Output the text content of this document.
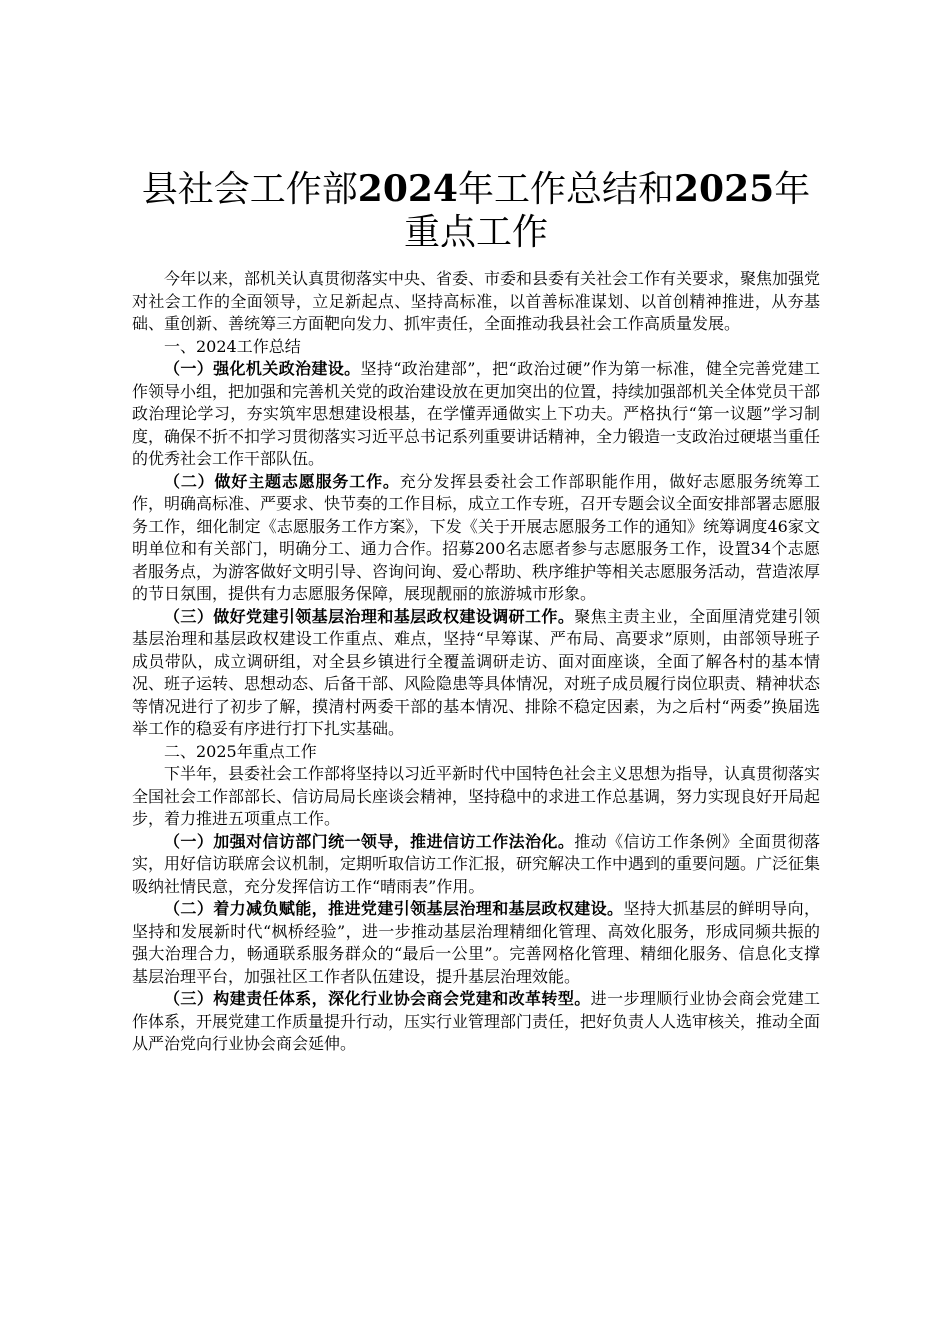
县社会工作部2024年工作总结和2025年重点工作

今年以来，部机关认真贯彻落实中央、省委、市委和县委有关社会工作有关要求，聚焦加强党对社会工作的全面领导，立足新起点、坚持高标准，以首善标准谋划、以首创精神推进，从夯基础、重创新、善统筹三方面靶向发力、抓牢责任，全面推动我县社会工作高质量发展。

一、2024工作总结

（一）强化机关政治建设。坚持“政治建部”，把“政治过硬”作为第一标准，健全完善党建工作领导小组，把加强和完善机关党的政治建设放在更加突出的位置，持续加强部机关全体党员干部政治理论学习，夯实筑牢思想建设根基，在学懂弄通做实上下功夫。严格执行“第一议题”学习制度，确保不折不扣学习贯彻落实习近平总书记系列重要讲话精神，全力锻造一支政治过硬堪当重任的优秀社会工作干部队伍。

（二）做好主题志愿服务工作。充分发挥县委社会工作部职能作用，做好志愿服务统筹工作，明确高标准、严要求、快节奏的工作目标，成立工作专班，召开专题会议全面安排部署志愿服务工作，细化制定《志愿服务工作方案》，下发《关于开展志愿服务工作的通知》统筹调度46家文明单位和有关部门，明确分工、通力合作。招募200名志愿者参与志愿服务工作，设置34个志愿者服务点，为游客做好文明引导、咨询问询、爱心帮助、秩序维护等相关志愿服务活动，营造浓厚的节日氛围，提供有力志愿服务保障，展现靓丽的旅游城市形象。

（三）做好党建引领基层治理和基层政权建设调研工作。聚焦主责主业，全面厘清党建引领基层治理和基层政权建设工作重点、难点，坚持“早筹谋、严布局、高要求”原则，由部领导班子成员带队，成立调研组，对全县乡镇进行全覆盖调研走访、面对面座谈，全面了解各村的基本情况、班子运转、思想动态、后备干部、风险隐患等具体情况，对班子成员履行岗位职责、精神状态等情况进行了初步了解，摸清村两委干部的基本情况、排除不稳定因素，为之后村“两委”换届选举工作的稳妥有序进行打下扎实基础。

二、2025年重点工作

下半年，县委社会工作部将坚持以习近平新时代中国特色社会主义思想为指导，认真贯彻落实全国社会工作部部长、信访局局长座谈会精神，坚持稳中的求进工作总基调，努力实现良好开局起步，着力推进五项重点工作。

（一）加强对信访部门统一领导，推进信访工作法治化。推动《信访工作条例》全面贯彻落实，用好信访联席会议机制，定期听取信访工作汇报，研究解决工作中遇到的重要问题。广泛征集吸纳社情民意，充分发挥信访工作“晴雨表”作用。

（二）着力减负赋能，推进党建引领基层治理和基层政权建设。坚持大抓基层的鲜明导向，坚持和发展新时代“枫桥经验”，进一步推动基层治理精细化管理、高效化服务，形成同频共振的强大治理合力，畅通联系服务群众的“最后一公里”。完善网格化管理、精细化服务、信息化支撑基层治理平台，加强社区工作者队伍建设，提升基层治理效能。

（三）构建责任体系，深化行业协会商会党建和改革转型。进一步理顺行业协会商会党建工作体系，开展党建工作质量提升行动，压实行业管理部门责任，把好负责人人选审核关，推动全面从严治党向行业协会商会延伸。
